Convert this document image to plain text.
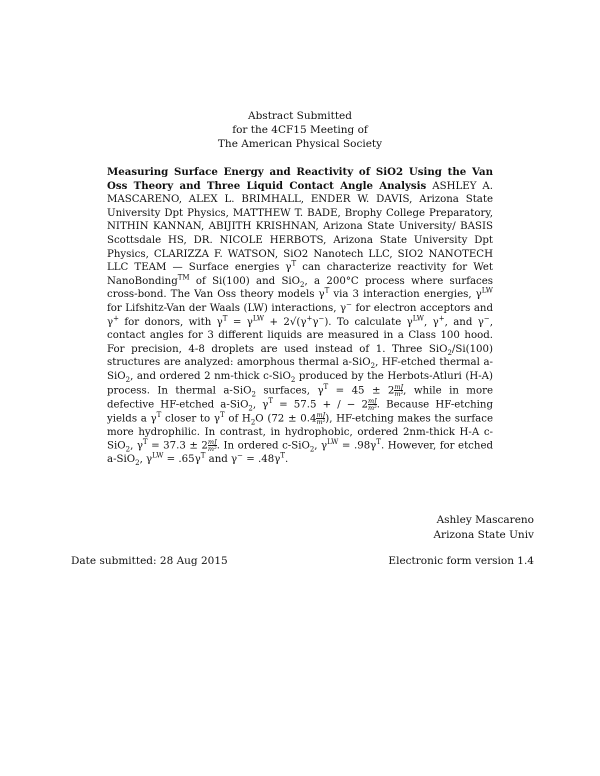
Abstract Submitted
for the 4CF15 Meeting of
The American Physical Society
Measuring Surface Energy and Reactivity of SiO2 Using the Van Oss Theory and Three Liquid Contact Angle Analysis ASHLEY A. MASCARENO, ALEX L. BRIMHALL, ENDER W. DAVIS, Arizona State University Dpt Physics, MATTHEW T. BADE, Brophy College Preparatory, NITHIN KANNAN, ABIJITH KRISHNAN, Arizona State University/ BASIS Scottsdale HS, DR. NICOLE HERBOTS, Arizona State University Dpt Physics, CLARIZZA F. WATSON, SiO2 Nanotech LLC, SIO2 NANOTECH LLC TEAM — Surface energies $\gamma^T$ can characterize reactivity for Wet NanoBonding™ of Si(100) and SiO$_2$, a 200°C process where surfaces cross-bond. The Van Oss theory models $\gamma^T$ via 3 interaction energies, $\gamma^{LW}$ for Lifshitz-Van der Waals (LW) interactions, γ− for electron acceptors and γ+ for donors, with $\gamma^T = \gamma^{LW} + 2√(\gamma^+\gamma^-)$. To calculate $\gamma^{LW}$, γ+, and γ−, contact angles for 3 different liquids are measured in a Class 100 hood. For precision, 4-8 droplets are used instead of 1. Three SiO$_2$/Si(100) structures are analyzed: amorphous thermal a-SiO$_2$, HF-etched thermal a-SiO$_2$, and ordered 2 nm-thick c-SiO$_2$ produced by the Herbots-Atluri (H-A) process. In thermal a-SiO$_2$ surfaces, $\gamma^T = 45 \pm 2 \frac{mJ}{\text{m²}}$ , while in more defective HF-etched a-SiO$_2$, $\gamma^T = 57.5$ + / − $2 \frac{mJ}{\text{m²}}$ . Because HF-etching yields a $\gamma^T$ closer to $\gamma^T$ of $H_2O$ ($72 \pm 0.4 \frac{mJ}{\text{m²}}$ ), HF-etching makes the surface more hydrophilic. In contrast, in hydrophobic, ordered 2nm-thick H-A c-SiO$_2$, $\gamma^T = 37.3 \pm 2 \frac{mJ}{\text{m²}}$ . In ordered c-SiO$_2$, $\gamma^{LW} = .98\gamma^T$. However, for etched a-SiO$_2$, $\gamma^{LW} = .65\gamma^T$ and $\gamma^- = .48\gamma^T$.
Ashley Mascareno
Arizona State Univ
Date submitted: 28 Aug 2015	Electronic form version 1.4
